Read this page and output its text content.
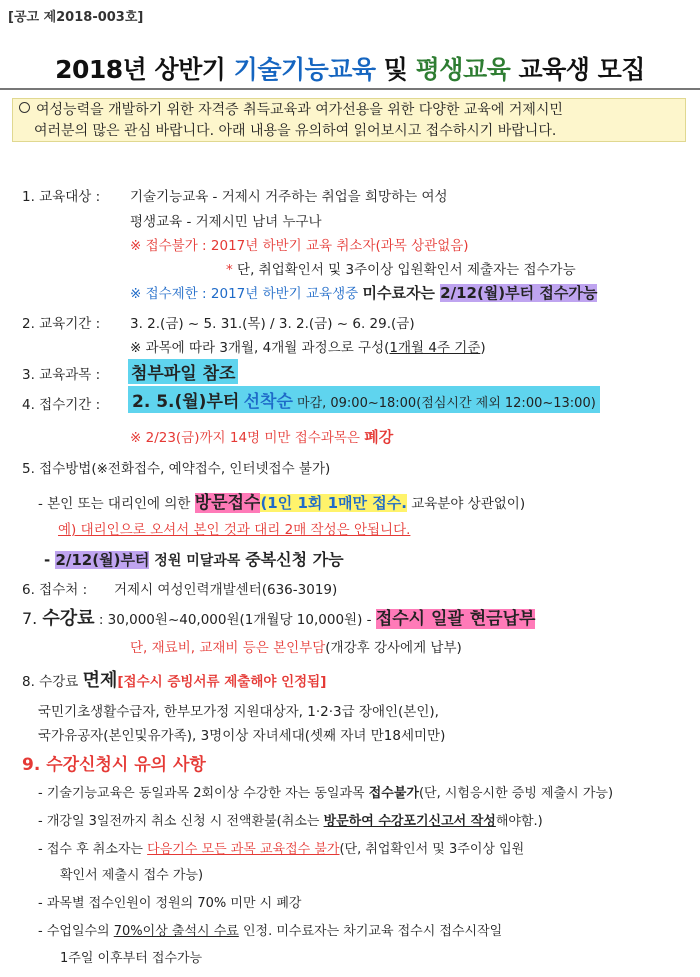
[공고 제2018-003호]
2018년 상반기 기술기능교육 및 평생교육 교육생 모집
여성능력을 개발하기 위한 자격증 취득교육과 여가선용을 위한 다양한 교육에 거제시민
여러분의 많은 관심 바랍니다. 아래 내용을 유의하여 읽어보시고 접수하시기 바랍니다.
1. 교육대상 : 기술기능교육 - 거제시 거주하는 취업을 희망하는 여성
평생교육 - 거제시민 남녀 누구나
※ 접수불가 : 2017년 하반기 교육 취소자(과목 상관없음)
* 단, 취업확인서 및 3주이상 입원확인서 제출자는 접수가능
※ 접수제한 : 2017년 하반기 교육생중 미수료자는 2/12(월)부터 접수가능
2. 교육기간 : 3. 2.(금) ~ 5. 31.(목) / 3. 2.(금) ~ 6. 29.(금)
※ 과목에 따라 3개월, 4개월 과정으로 구성(1개월 4주 기준)
3. 교육과목 : 첨부파일 참조
4. 접수기간 : 2. 5.(월)부터 선착순 마감, 09:00~18:00(점심시간 제외 12:00~13:00)
※ 2/23(금)까지 14명 미만 접수과목은 폐강
5. 접수방법(※전화접수, 예약접수, 인터넷접수 불가)
- 본인 또는 대리인에 의한 방문접수(1인 1회 1매만 접수. 교육분야 상관없이)
예) 대리인으로 오셔서 본인 것과 대리 2매 작성은 안됩니다.
- 2/12(월)부터 정원 미달과목 중복신청 가능
6. 접수처 : 거제시 여성인력개발센터(636-3019)
7. 수강료 : 30,000원~40,000원(1개월당 10,000원) - 접수시 일괄 현금납부
단, 재료비, 교재비 등은 본인부담(개강후 강사에게 납부)
8. 수강료 면제[접수시 증빙서류 제출해야 인정됨]
국민기초생활수급자, 한부모가정 지원대상자, 1·2·3급 장애인(본인),
국가유공자(본인및유가족), 3명이상 자녀세대(셋째 자녀 만18세미만)
9. 수강신청시 유의 사항
- 기술기능교육은 동일과목 2회이상 수강한 자는 동일과목 접수불가(단, 시험응시한 증빙 제출시 가능)
- 개강일 3일전까지 취소 신청 시 전액환불(취소는 방문하여 수강포기신고서 작성해야함.)
- 접수 후 취소자는 다음기수 모든 과목 교육접수 불가(단, 취업확인서 및 3주이상 입원
확인서 제출시 접수 가능)
- 과목별 접수인원이 정원의 70% 미만 시 폐강
- 수업일수의 70%이상 출석시 수료 인정. 미수료자는 차기교육 접수시 접수시작일
1주일 이후부터 접수가능
